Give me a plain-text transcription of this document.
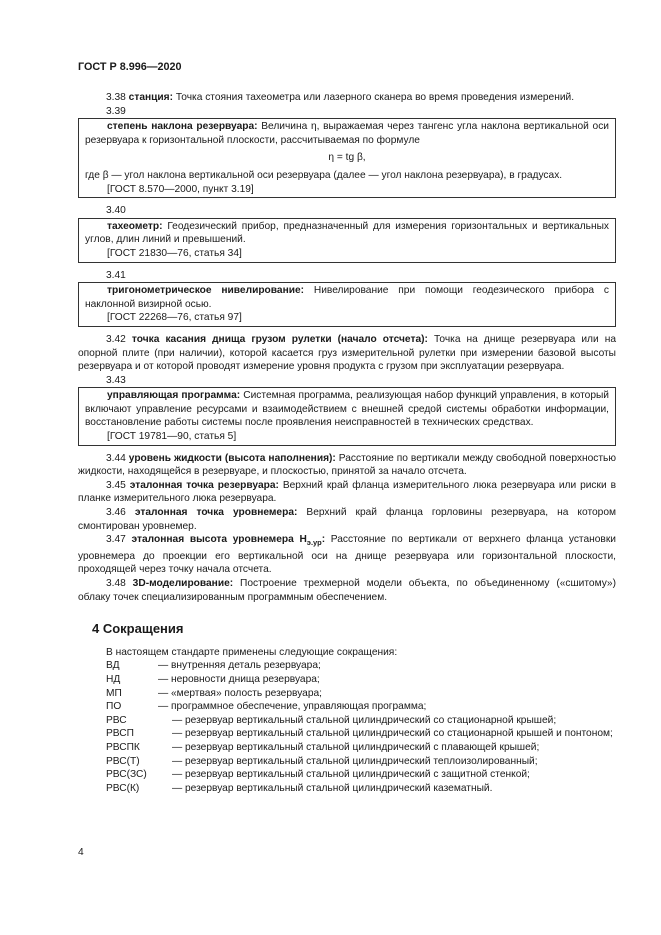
ГОСТ Р 8.996—2020

3.38 станция: Точка стояния тахеометра или лазерного сканера во время проведения измерений.

3.39

степень наклона резервуара: Величина η, выражаемая через тангенс угла наклона вертикальной оси резервуара к горизонтальной плоскости, рассчитываемая по формуле

η = tg β,

где β — угол наклона вертикальной оси резервуара (далее — угол наклона резервуара), в градусах.

[ГОСТ 8.570—2000, пункт 3.19]

3.40

тахеометр: Геодезический прибор, предназначенный для измерения горизонтальных и вертикальных углов, длин линий и превышений.

[ГОСТ 21830—76, статья 34]

3.41

тригонометрическое нивелирование: Нивелирование при помощи геодезического прибора с наклонной визирной осью.

[ГОСТ 22268—76, статья 97]

3.42 точка касания днища грузом рулетки (начало отсчета): Точка на днище резервуара или на опорной плите (при наличии), которой касается груз измерительной рулетки при измерении базовой высоты резервуара и от которой проводят измерение уровня продукта с грузом при эксплуатации резервуара.

3.43

управляющая программа: Системная программа, реализующая набор функций управления, в который включают управление ресурсами и взаимодействием с внешней средой системы обработки информации, восстановление работы системы после проявления неисправностей в технических средствах.

[ГОСТ 19781—90, статья 5]

3.44 уровень жидкости (высота наполнения): Расстояние по вертикали между свободной поверхностью жидкости, находящейся в резервуаре, и плоскостью, принятой за начало отсчета.

3.45 эталонная точка резервуара: Верхний край фланца измерительного люка резервуара или риски в планке измерительного люка резервуара.

3.46 эталонная точка уровнемера: Верхний край фланца горловины резервуара, на котором смонтирован уровнемер.

3.47 эталонная высота уровнемера $H_{э.ур}$: Расстояние по вертикали от верхнего фланца установки уровнемера до проекции его вертикальной оси на днище резервуара или горизонтальной плоскости, проходящей через точку начала отсчета.

3.48 3D-моделирование: Построение трехмерной модели объекта, по объединенному («сшитому») облаку точек специализированным программным обеспечением.

4 Сокращения

В настоящем стандарте применены следующие сокращения:

ВД	— внутренняя деталь резервуара;
НД	— неровности днища резервуара;
МП	— «мертвая» полость резервуара;
ПО	— программное обеспечение, управляющая программа;
РВС	— резервуар вертикальный стальной цилиндрический со стационарной крышей;
РВСП	— резервуар вертикальный стальной цилиндрический со стационарной крышей и понтоном;
РВСПК	— резервуар вертикальный стальной цилиндрический с плавающей крышей;
РВС(Т)	— резервуар вертикальный стальной цилиндрический теплоизолированный;
РВС(ЗС)	— резервуар вертикальный стальной цилиндрический с защитной стенкой;
РВС(К)	— резервуар вертикальный стальной цилиндрический казематный.
4
